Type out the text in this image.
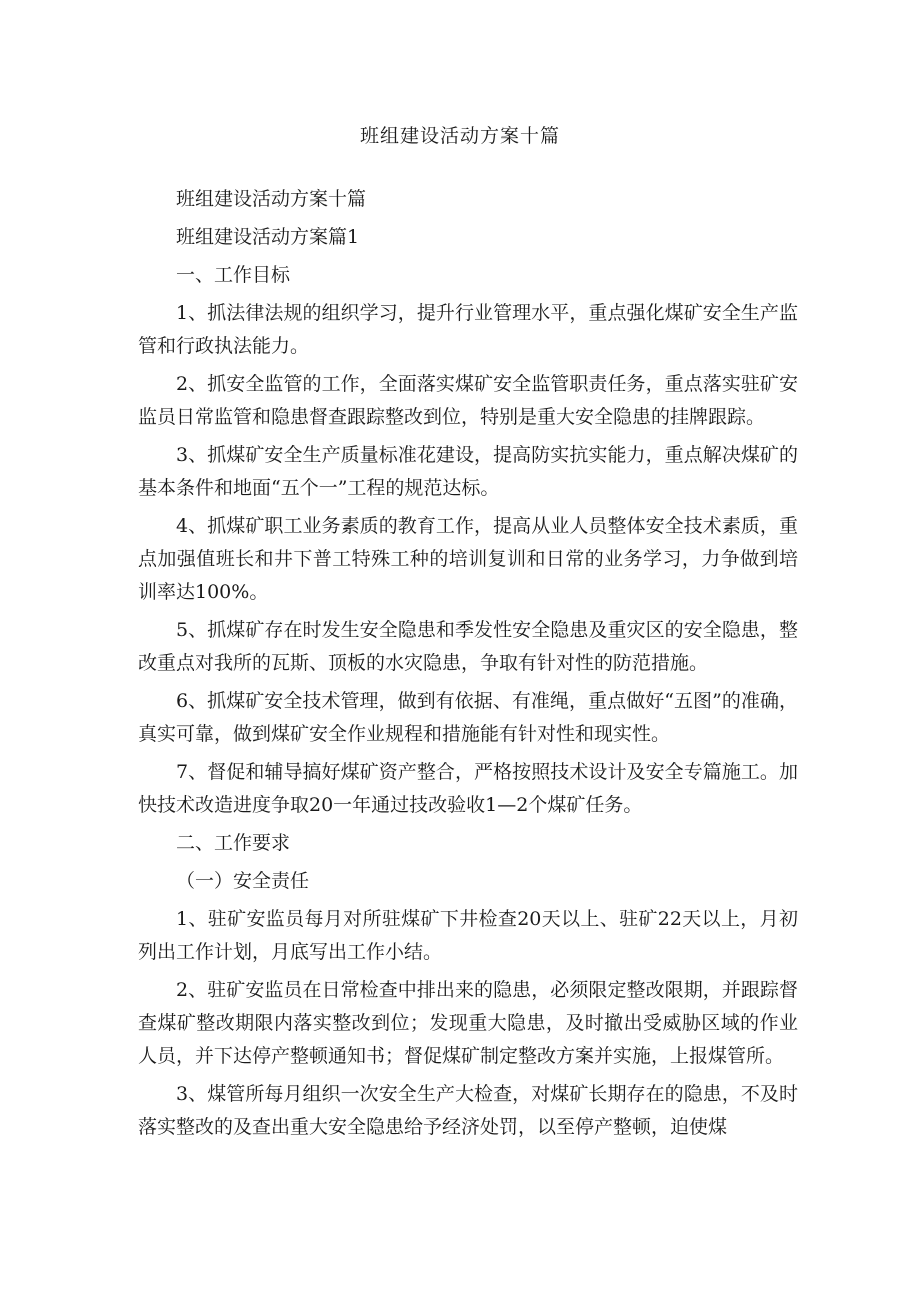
班组建设活动方案十篇

班组建设活动方案十篇

班组建设活动方案篇1

一、工作目标

1、抓法律法规的组织学习，提升行业管理水平，重点强化煤矿安全生产监管和行政执法能力。

2、抓安全监管的工作，全面落实煤矿安全监管职责任务，重点落实驻矿安监员日常监管和隐患督查跟踪整改到位，特别是重大安全隐患的挂牌跟踪。

3、抓煤矿安全生产质量标准花建设，提高防实抗实能力，重点解决煤矿的基本条件和地面“五个一”工程的规范达标。

4、抓煤矿职工业务素质的教育工作，提高从业人员整体安全技术素质，重点加强值班长和井下普工特殊工种的培训复训和日常的业务学习，力争做到培训率达100%。

5、抓煤矿存在时发生安全隐患和季发性安全隐患及重灾区的安全隐患，整改重点对我所的瓦斯、顶板的水灾隐患，争取有针对性的防范措施。

6、抓煤矿安全技术管理，做到有依据、有准绳，重点做好“五图”的准确，真实可靠，做到煤矿安全作业规程和措施能有针对性和现实性。

7、督促和辅导搞好煤矿资产整合，严格按照技术设计及安全专篇施工。加快技术改造进度争取20一年通过技改验收1—2个煤矿任务。

二、工作要求

（一）安全责任

1、驻矿安监员每月对所驻煤矿下井检查20天以上、驻矿22天以上，月初列出工作计划，月底写出工作小结。

2、驻矿安监员在日常检查中排出来的隐患，必须限定整改限期，并跟踪督查煤矿整改期限内落实整改到位；发现重大隐患，及时撤出受威胁区域的作业人员，并下达停产整顿通知书；督促煤矿制定整改方案并实施，上报煤管所。

3、煤管所每月组织一次安全生产大检查，对煤矿长期存在的隐患，不及时落实整改的及查出重大安全隐患给予经济处罚，以至停产整顿，迫使煤
